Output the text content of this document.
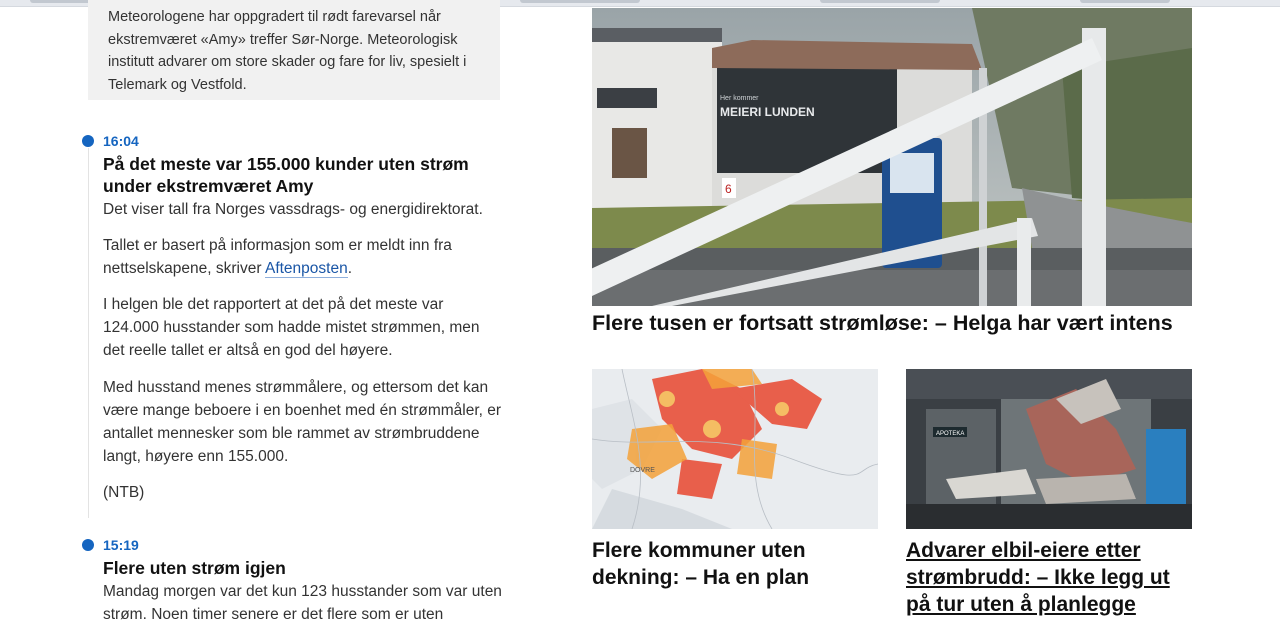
Meteorologene har oppgradert til rødt farevarsel når ekstremværet «Amy» treffer Sør-Norge. Meteorologisk institutt advarer om store skader og fare for liv, spesielt i Telemark og Vestfold.
16:04
På det meste var 155.000 kunder uten strøm under ekstremværet Amy

Det viser tall fra Norges vassdrags- og energidirektorat.

Tallet er basert på informasjon som er meldt inn fra nettselskapene, skriver Aftenposten.

I helgen ble det rapportert at det på det meste var 124.000 husstander som hadde mistet strømmen, men det reelle tallet er altså en god del høyere.

Med husstand menes strømmålere, og ettersom det kan være mange beboere i en boenhet med én strømmåler, er antallet mennesker som ble rammet av strømbruddene langt, høyere enn 155.000.

(NTB)

15:19
Flere uten strøm igjen

Mandag morgen var det kun 123 husstander som var uten strøm. Noen timer senere er det flere som er uten

Her kommer
MEIERI LUNDEN
6
Flere tusen er fortsatt strømløse: – Helga har vært intens
DOVRE
Flere kommuner uten dekning: – Ha en plan
APOTEKA
Advarer elbil-eiere etter strømbrudd: – Ikke legg ut på tur uten å planlegge
